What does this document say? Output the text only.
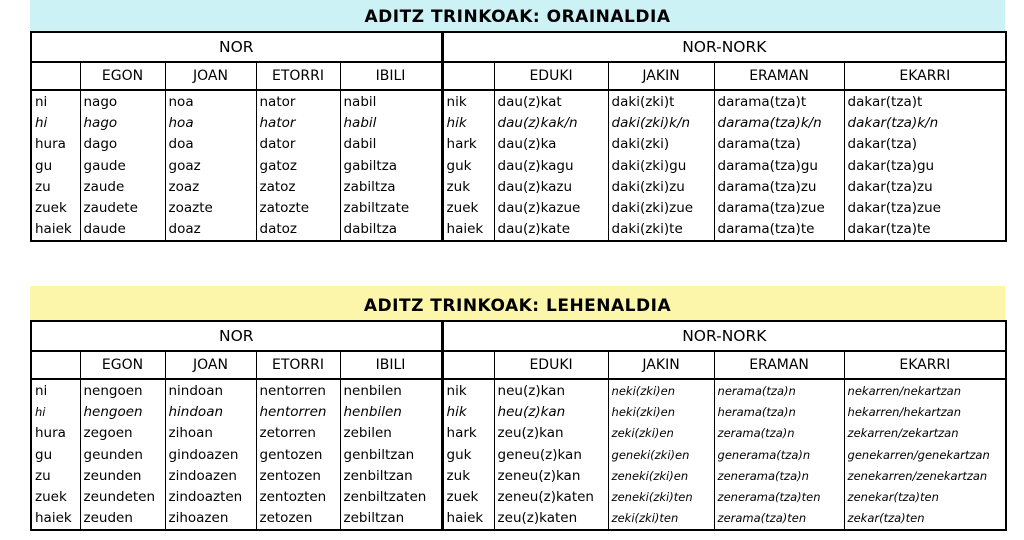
ADITZ TRINKOAK: ORAINALDIA
NOR					NOR-NORK				
	EGON	JOAN	ETORRI	IBILI		EDUKI	JAKIN	ERAMAN	EKARRI
ni	nago	noa	nator	nabil	nik	dau(z)kat	daki(zki)t	darama(tza)t	dakar(tza)t
hi	hago	hoa	hator	habil	hik	dau(z)kak/n	daki(zki)k/n	darama(tza)k/n	dakar(tza)k/n
hura	dago	doa	dator	dabil	hark	dau(z)ka	daki(zki)	darama(tza)	dakar(tza)
gu	gaude	goaz	gatoz	gabiltza	guk	dau(z)kagu	daki(zki)gu	darama(tza)gu	dakar(tza)gu
zu	zaude	zoaz	zatoz	zabiltza	zuk	dau(z)kazu	daki(zki)zu	darama(tza)zu	dakar(tza)zu
zuek	zaudete	zoazte	zatozte	zabiltzate	zuek	dau(z)kazue	daki(zki)zue	darama(tza)zue	dakar(tza)zue
haiek	daude	doaz	datoz	dabiltza	haiek	dau(z)kate	daki(zki)te	darama(tza)te	dakar(tza)te
ADITZ TRINKOAK: LEHENALDIA
NOR					NOR-NORK				
	EGON	JOAN	ETORRI	IBILI		EDUKI	JAKIN	ERAMAN	EKARRI
ni	nengoen	nindoan	nentorren	nenbilen	nik	neu(z)kan	neki(zki)en	nerama(tza)n	nekarren/nekartzan
hi	hengoen	hindoan	hentorren	henbilen	hik	heu(z)kan	heki(zki)en	herama(tza)n	hekarren/hekartzan
hura	zegoen	zihoan	zetorren	zebilen	hark	zeu(z)kan	zeki(zki)en	zerama(tza)n	zekarren/zekartzan
gu	geunden	gindoazen	gentozen	genbiltzan	guk	geneu(z)kan	geneki(zki)en	generama(tza)n	genekarren/genekartzan
zu	zeunden	zindoazen	zentozen	zenbiltzan	zuk	zeneu(z)kan	zeneki(zki)en	zenerama(tza)n	zenekarren/zenekartzan
zuek	zeundeten	zindoazten	zentozten	zenbiltzaten	zuek	zeneu(z)katen	zeneki(zki)ten	zenerama(tza)ten	zenekar(tza)ten
haiek	zeuden	zihoazen	zetozen	zebiltzan	haiek	zeu(z)katen	zeki(zki)ten	zerama(tza)ten	zekar(tza)ten
